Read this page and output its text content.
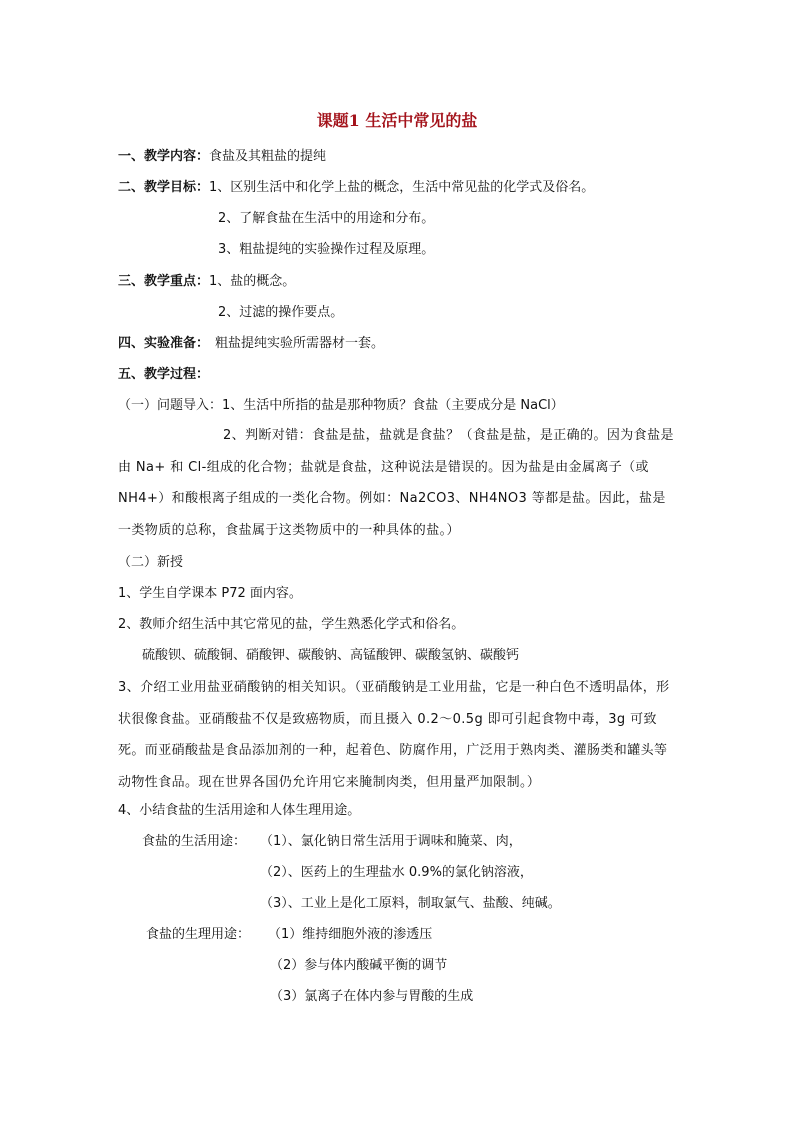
课题1 生活中常见的盐
一、教学内容：食盐及其粗盐的提纯
二、教学目标：1、区别生活中和化学上盐的概念，生活中常见盐的化学式及俗名。
2、了解食盐在生活中的用途和分布。
3、粗盐提纯的实验操作过程及原理。
三、教学重点：1、盐的概念。
2、过滤的操作要点。
四、实验准备： 粗盐提纯实验所需器材一套。
五、教学过程：
（一）问题导入：1、生活中所指的盐是那种物质？食盐（主要成分是 NaCl）
2、判断对错：食盐是盐，盐就是食盐？（食盐是盐，是正确的。因为食盐是由 Na+ 和 Cl-组成的化合物；盐就是食盐，这种说法是错误的。因为盐是由金属离子（或 NH4+）和酸根离子组成的一类化合物。例如：Na2CO3、NH4NO3 等都是盐。因此，盐是一类物质的总称，食盐属于这类物质中的一种具体的盐。）
（二）新授
1、学生自学课本 P72 面内容。
2、教师介绍生活中其它常见的盐，学生熟悉化学式和俗名。
硫酸钡、硫酸铜、硝酸钾、碳酸钠、高锰酸钾、碳酸氢钠、碳酸钙
3、介绍工业用盐亚硝酸钠的相关知识。（亚硝酸钠是工业用盐，它是一种白色不透明晶体，形状很像食盐。亚硝酸盐不仅是致癌物质，而且摄入 0.2～0.5g 即可引起食物中毒，3g 可致死。而亚硝酸盐是食品添加剂的一种，起着色、防腐作用，广泛用于熟肉类、灌肠类和罐头等动物性食品。现在世界各国仍允许用它来腌制肉类，但用量严加限制。）
4、小结食盐的生活用途和人体生理用途。
食盐的生活用途： （1）、氯化钠日常生活用于调味和腌菜、肉，
（2）、医药上的生理盐水 0.9%的氯化钠溶液，
（3）、工业上是化工原料，制取氯气、盐酸、纯碱。
食盐的生理用途： （1）维持细胞外液的渗透压
（2）参与体内酸碱平衡的调节
（3）氯离子在体内参与胃酸的生成
